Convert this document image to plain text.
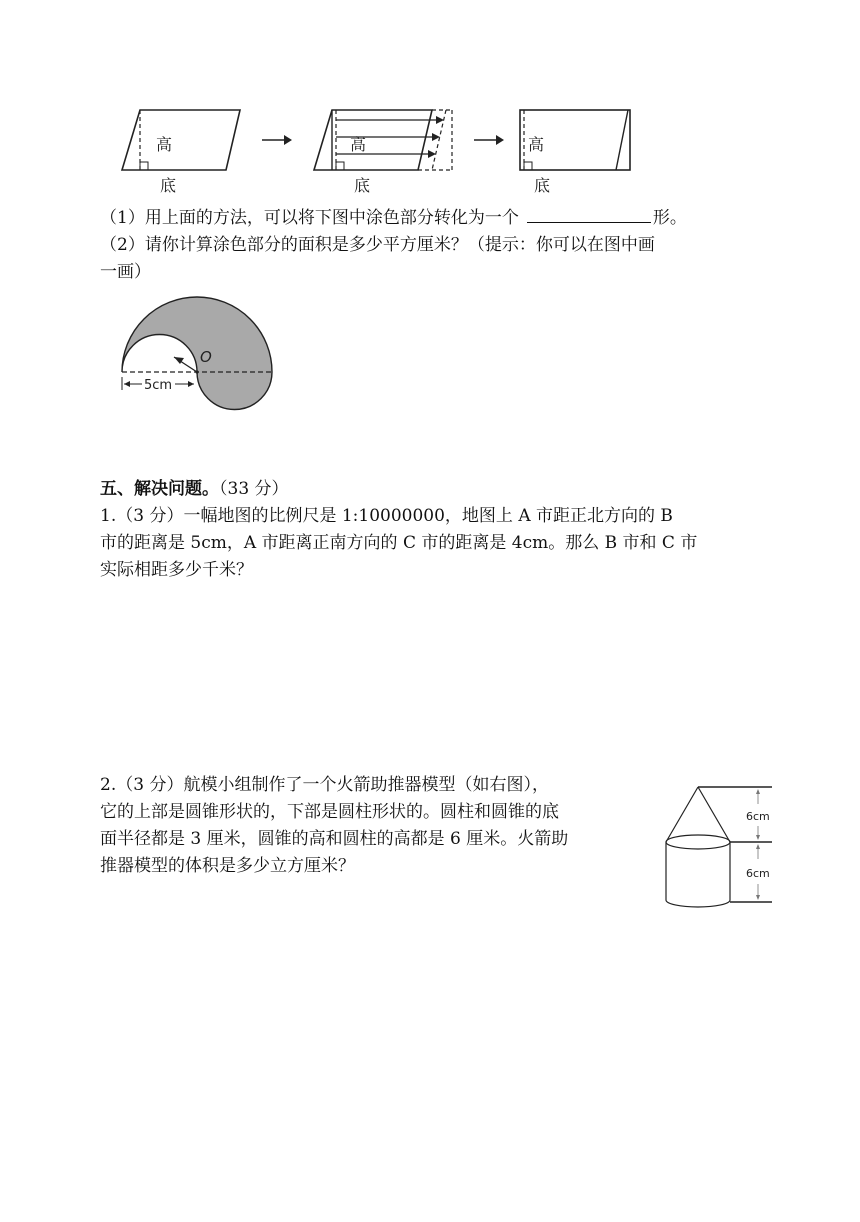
高
底
高
底
高
底
（1）用上面的方法，可以将下图中涂色部分转化为一个	形。
（2）请你计算涂色部分的面积是多少平方厘米？（提示：你可以在图中画
一画）
O
5cm
五、解决问题。（33 分）
1.（3 分）一幅地图的比例尺是 1:10000000，地图上 A 市距正北方向的 B
市的距离是 5cm，A 市距离正南方向的 C 市的距离是 4cm。那么 B 市和 C 市
实际相距多少千米？
2.（3 分）航模小组制作了一个火箭助推器模型（如右图），
它的上部是圆锥形状的，下部是圆柱形状的。圆柱和圆锥的底
面半径都是 3 厘米，圆锥的高和圆柱的高都是 6 厘米。火箭助
推器模型的体积是多少立方厘米？
6cm
6cm
